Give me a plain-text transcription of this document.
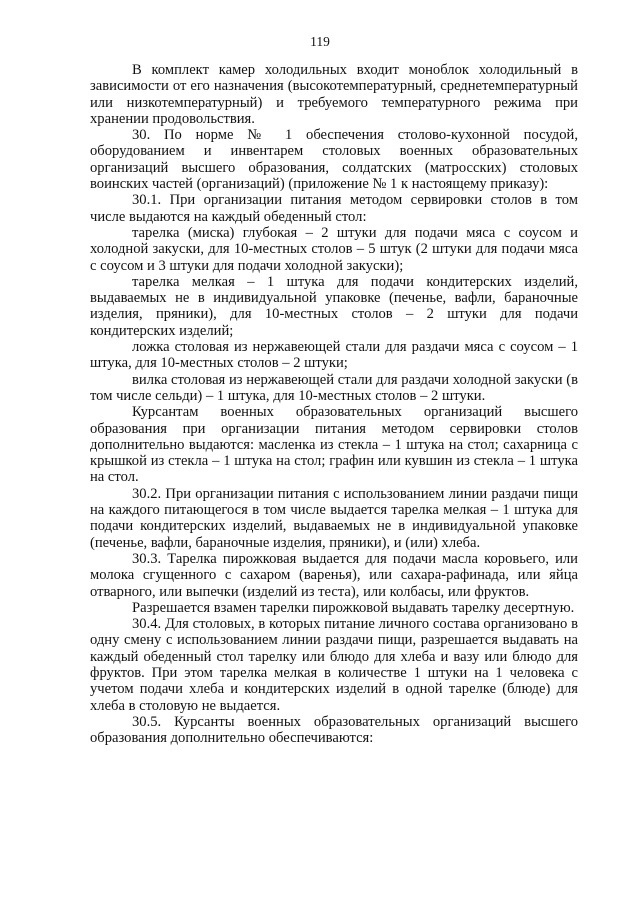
119

В комплект камер холодильных входит моноблок холодильный в зависимости от его назначения (высокотемпературный, среднетемпературный или низкотемпературный) и требуемого температурного режима при хранении продовольствия.

30. По норме № 1 обеспечения столово-кухонной посудой, оборудованием и инвентарем столовых военных образовательных организаций высшего образования, солдатских (матросских) столовых воинских частей (организаций) (приложение № 1 к настоящему приказу):

30.1. При организации питания методом сервировки столов в том числе выдаются на каждый обеденный стол:

тарелка (миска) глубокая – 2 штуки для подачи мяса с соусом и холодной закуски, для 10-местных столов – 5 штук (2 штуки для подачи мяса с соусом и 3 штуки для подачи холодной закуски);

тарелка мелкая – 1 штука для подачи кондитерских изделий, выдаваемых не в индивидуальной упаковке (печенье, вафли, бараночные изделия, пряники), для 10-местных столов – 2 штуки для подачи кондитерских изделий;

ложка столовая из нержавеющей стали для раздачи мяса с соусом – 1 штука, для 10-местных столов – 2 штуки;

вилка столовая из нержавеющей стали для раздачи холодной закуски (в том числе сельди) – 1 штука, для 10-местных столов – 2 штуки.

Курсантам военных образовательных организаций высшего образования при организации питания методом сервировки столов дополнительно выдаются: масленка из стекла – 1 штука на стол; сахарница с крышкой из стекла – 1 штука на стол; графин или кувшин из стекла – 1 штука на стол.

30.2. При организации питания с использованием линии раздачи пищи на каждого питающегося в том числе выдается тарелка мелкая – 1 штука для подачи кондитерских изделий, выдаваемых не в индивидуальной упаковке (печенье, вафли, бараночные изделия, пряники), и (или) хлеба.

30.3. Тарелка пирожковая выдается для подачи масла коровьего, или молока сгущенного с сахаром (варенья), или сахара-рафинада, или яйца отварного, или выпечки (изделий из теста), или колбасы, или фруктов.

Разрешается взамен тарелки пирожковой выдавать тарелку десертную.

30.4. Для столовых, в которых питание личного состава организовано в одну смену с использованием линии раздачи пищи, разрешается выдавать на каждый обеденный стол тарелку или блюдо для хлеба и вазу или блюдо для фруктов. При этом тарелка мелкая в количестве 1 штуки на 1 человека с учетом подачи хлеба и кондитерских изделий в одной тарелке (блюде) для хлеба в столовую не выдается.

30.5. Курсанты военных образовательных организаций высшего образования дополнительно обеспечиваются:
